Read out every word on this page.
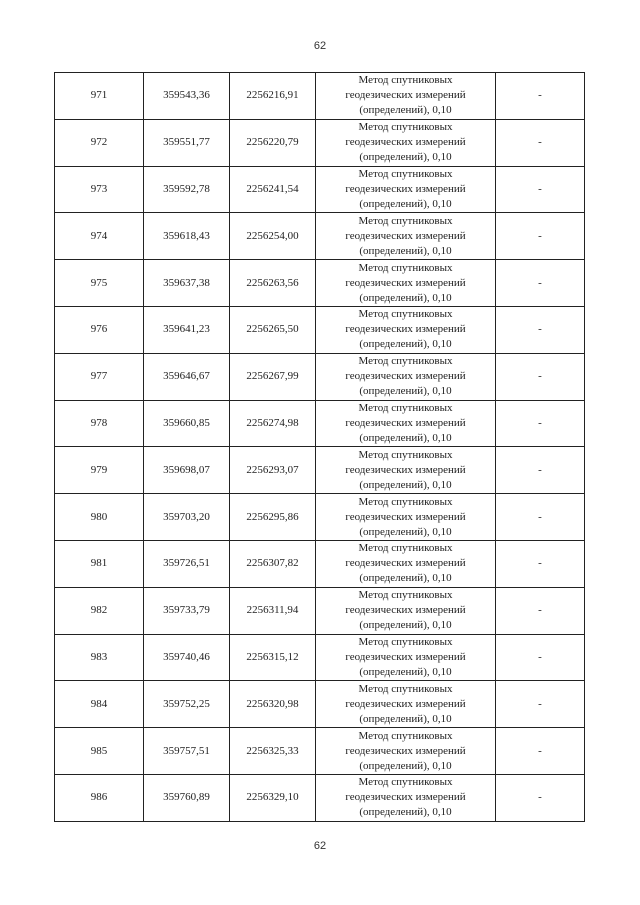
62
971	359543,36	2256216,91	Метод спутниковых
геодезических измерений
(определений), 0,10	-
972	359551,77	2256220,79	Метод спутниковых
геодезических измерений
(определений), 0,10	-
973	359592,78	2256241,54	Метод спутниковых
геодезических измерений
(определений), 0,10	-
974	359618,43	2256254,00	Метод спутниковых
геодезических измерений
(определений), 0,10	-
975	359637,38	2256263,56	Метод спутниковых
геодезических измерений
(определений), 0,10	-
976	359641,23	2256265,50	Метод спутниковых
геодезических измерений
(определений), 0,10	-
977	359646,67	2256267,99	Метод спутниковых
геодезических измерений
(определений), 0,10	-
978	359660,85	2256274,98	Метод спутниковых
геодезических измерений
(определений), 0,10	-
979	359698,07	2256293,07	Метод спутниковых
геодезических измерений
(определений), 0,10	-
980	359703,20	2256295,86	Метод спутниковых
геодезических измерений
(определений), 0,10	-
981	359726,51	2256307,82	Метод спутниковых
геодезических измерений
(определений), 0,10	-
982	359733,79	2256311,94	Метод спутниковых
геодезических измерений
(определений), 0,10	-
983	359740,46	2256315,12	Метод спутниковых
геодезических измерений
(определений), 0,10	-
984	359752,25	2256320,98	Метод спутниковых
геодезических измерений
(определений), 0,10	-
985	359757,51	2256325,33	Метод спутниковых
геодезических измерений
(определений), 0,10	-
986	359760,89	2256329,10	Метод спутниковых
геодезических измерений
(определений), 0,10	-
62
